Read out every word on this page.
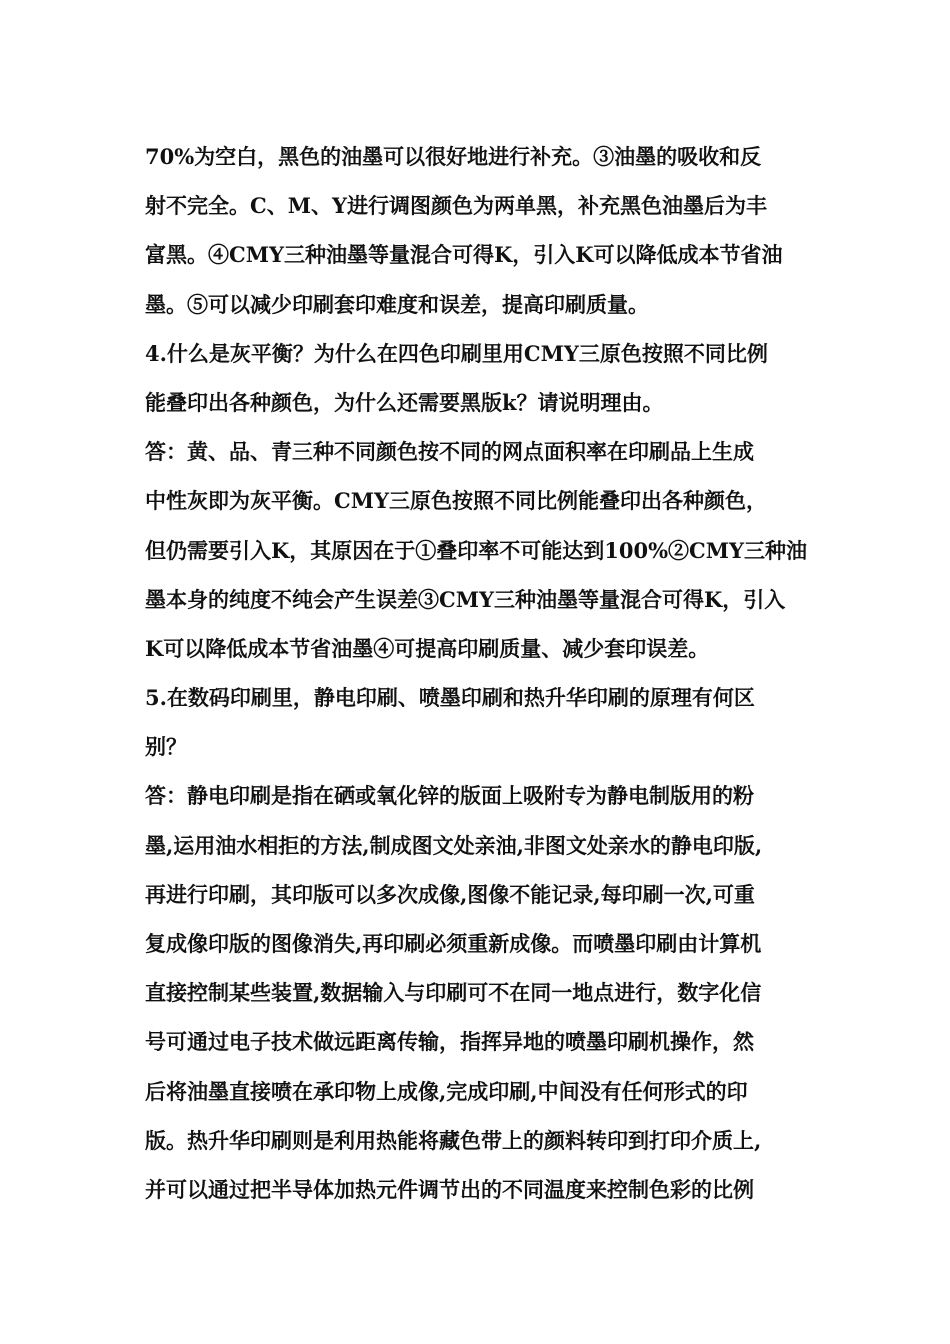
70%为空白，黑色的油墨可以很好地进行补充。③油墨的吸收和反
射不完全。C、M、Y进行调图颜色为两单黑，补充黑色油墨后为丰
富黑。④CMY三种油墨等量混合可得K，引入K可以降低成本节省油
墨。⑤可以减少印刷套印难度和误差，提高印刷质量。
4.什么是灰平衡？为什么在四色印刷里用CMY三原色按照不同比例
能叠印出各种颜色，为什么还需要黑版k？请说明理由。
答：黄、品、青三种不同颜色按不同的网点面积率在印刷品上生成
中性灰即为灰平衡。CMY三原色按照不同比例能叠印出各种颜色，
但仍需要引入K，其原因在于①叠印率不可能达到100%②CMY三种油
墨本身的纯度不纯会产生误差③CMY三种油墨等量混合可得K，引入
K可以降低成本节省油墨④可提高印刷质量、减少套印误差。
5.在数码印刷里，静电印刷、喷墨印刷和热升华印刷的原理有何区
别？
答：静电印刷是指在硒或氧化锌的版面上吸附专为静电制版用的粉
墨,运用油水相拒的方法,制成图文处亲油,非图文处亲水的静电印版,
再进行印刷，其印版可以多次成像,图像不能记录,每印刷一次,可重
复成像印版的图像消失,再印刷必须重新成像。而喷墨印刷由计算机
直接控制某些装置,数据输入与印刷可不在同一地点进行，数字化信
号可通过电子技术做远距离传输，指挥异地的喷墨印刷机操作，然
后将油墨直接喷在承印物上成像,完成印刷,中间没有任何形式的印
版。热升华印刷则是利用热能将藏色带上的颜料转印到打印介质上,
并可以通过把半导体加热元件调节出的不同温度来控制色彩的比例
